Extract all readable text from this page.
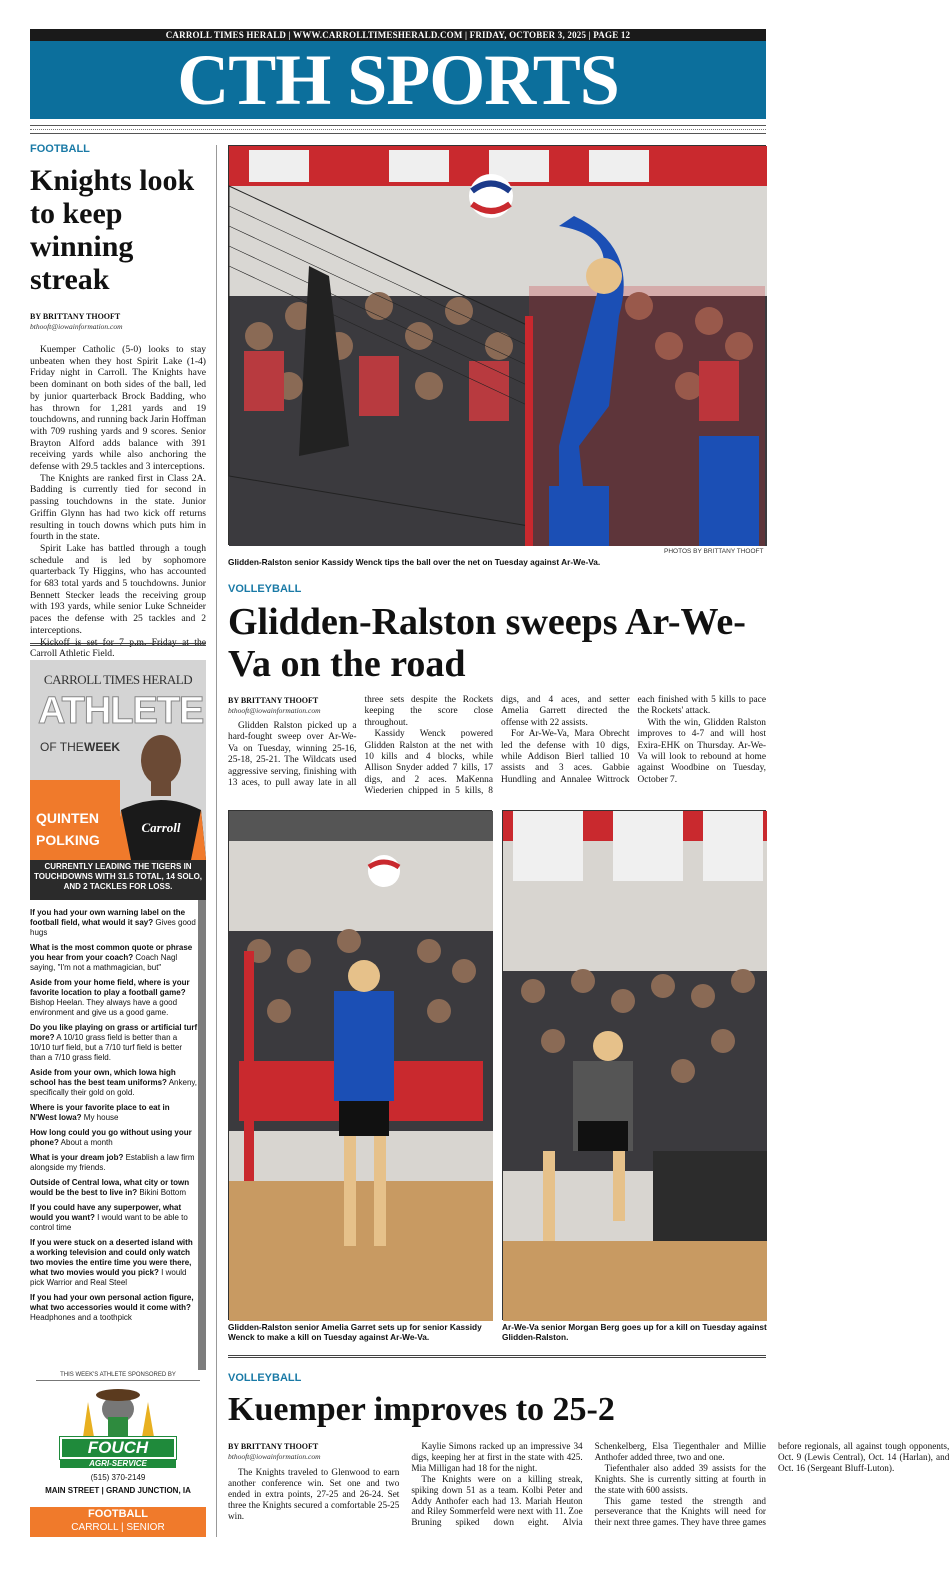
CARROLL TIMES HERALD | WWW.CARROLLTIMESHERALD.COM | FRIDAY, OCTOBER 3, 2025 | PAGE 12
CTH SPORTS
FOOTBALL
Knights look to keep winning streak
BY BRITTANY THOOFT
bthooft@iowainformation.com

Kuemper Catholic (5-0) looks to stay unbeaten when they host Spirit Lake (1-4) Friday night in Carroll. The Knights have been dominant on both sides of the ball, led by junior quarterback Brock Badding, who has thrown for 1,281 yards and 19 touchdowns, and running back Jarin Hoffman with 709 rushing yards and 9 scores. Senior Brayton Alford adds balance with 391 receiving yards while also anchoring the defense with 29.5 tackles and 3 interceptions.

The Knights are ranked first in Class 2A. Badding is currently tied for second in passing touchdowns in the state. Junior Griffin Glynn has had two kick off returns resulting in touch downs which puts him in fourth in the state.

Spirit Lake has battled through a tough schedule and is led by sophomore quarterback Ty Higgins, who has accounted for 683 total yards and 5 touchdowns. Junior Bennett Stecker leads the receiving group with 193 yards, while senior Luke Schneider paces the defense with 25 tackles and 2 interceptions.

Kickoff is set for 7 p.m. Friday at the Carroll Athletic Field.

PHOTOS BY BRITTANY THOOFT
Glidden-Ralston senior Kassidy Wenck tips the ball over the net on Tuesday against Ar-We-Va.
VOLLEYBALL
Glidden-Ralston sweeps Ar-We-Va on the road
BY BRITTANY THOOFT
bthooft@iowainformation.com

Glidden Ralston picked up a hard-fought sweep over Ar-We-Va on Tuesday, winning 25-16, 25-18, 25-21. The Wildcats used aggressive serving, finishing with 13 aces, to pull away late in all three sets despite the Rockets keeping the score close throughout.

Kassidy Wenck powered Glidden Ralston at the net with 10 kills and 4 blocks, while Allison Snyder added 7 kills, 17 digs, and 2 aces. MaKenna Wiederien chipped in 5 kills, 8 digs, and 4 aces, and setter Amelia Garrett directed the offense with 22 assists.

For Ar-We-Va, Mara Obrecht led the defense with 10 digs, while Addison Bierl tallied 10 assists and 3 aces. Gabbie Hundling and Annalee Wittrock each finished with 5 kills to pace the Rockets' attack.

With the win, Glidden Ralston improves to 4-7 and will host Exira-EHK on Thursday. Ar-We-Va will look to rebound at home against Woodbine on Tuesday, October 7.

Glidden-Ralston senior Amelia Garret sets up for senior Kassidy Wenck to make a kill on Tuesday against Ar-We-Va.
Ar-We-Va senior Morgan Berg goes up for a kill on Tuesday against Glidden-Ralston.
VOLLEYBALL
Kuemper improves to 25-2
BY BRITTANY THOOFT
bthooft@iowainformation.com

The Knights traveled to Glenwood to earn another conference win. Set one and two ended in extra points, 27-25 and 26-24. Set three the Knights secured a comfortable 25-25 win.

Kaylie Simons racked up an impressive 34 digs, keeping her at first in the state with 425. Mia Milligan had 18 for the night.

The Knights were on a killing streak, spiking down 51 as a team. Kolbi Peter and Addy Anthofer each had 13. Mariah Heuton and Riley Sommerfeld were next with 11. Zoe Bruning spiked down eight. Alvia Schenkelberg, Elsa Tiegenthaler and Millie Anthofer added three, two and one.

Tiefenthaler also added 39 assists for the Knights. She is currently sitting at fourth in the state with 600 assists.

This game tested the strength and perseverance that the Knights will need for their next three games. They have three games before regionals, all against tough opponents, Oct. 9 (Lewis Central), Oct. 14 (Harlan), and Oct. 16 (Sergeant Bluff-Luton).

CARROLL TIMES HERALD
ATHLETE
OF THE WEEK
Carroll
QUINTEN
POLKING
CURRENTLY LEADING THE TIGERS IN TOUCHDOWNS WITH 31.5 TOTAL, 14 SOLO, AND 2 TACKLES FOR LOSS.
If you had your own warning label on the football field, what would it say? Gives good hugs
What is the most common quote or phrase you hear from your coach? Coach Nagl saying, "I'm not a mathmagician, but"
Aside from your home field, where is your favorite location to play a football game? Bishop Heelan. They always have a good environment and give us a good game.
Do you like playing on grass or artificial turf more? A 10/10 grass field is better than a 10/10 turf field, but a 7/10 turf field is better than a 7/10 grass field.
Aside from your own, which Iowa high school has the best team uniforms? Ankeny, specifically their gold on gold.
Where is your favorite place to eat in N'West Iowa? My house
How long could you go without using your phone? About a month
What is your dream job? Establish a law firm alongside my friends.
Outside of Central Iowa, what city or town would be the best to live in? Bikini Bottom
If you could have any superpower, what would you want? I would want to be able to control time
If you were stuck on a deserted island with a working television and could only watch two movies the entire time you were there, what two movies would you pick? I would pick Warrior and Real Steel
If you had your own personal action figure, what two accessories would it come with? Headphones and a toothpick
THIS WEEK'S ATHLETE SPONSORED BY
FOUCH
AGRI-SERVICE
(515) 370-2149
MAIN STREET | GRAND JUNCTION, IA
FOOTBALL
CARROLL | SENIOR
